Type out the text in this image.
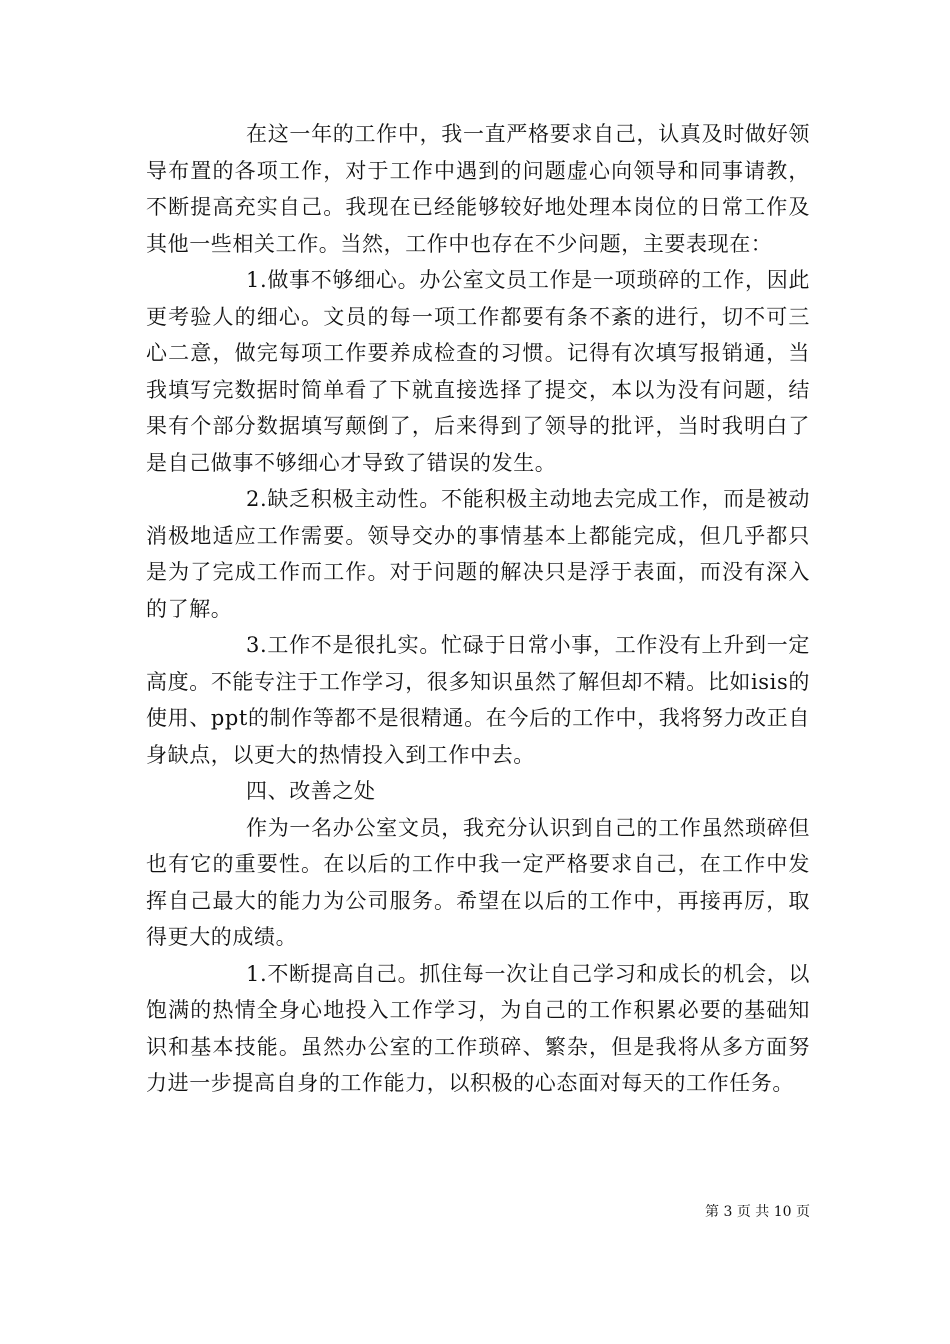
在这一年的工作中，我一直严格要求自己，认真及时做好领导布置的各项工作，对于工作中遇到的问题虚心向领导和同事请教，不断提高充实自己。我现在已经能够较好地处理本岗位的日常工作及其他一些相关工作。当然，工作中也存在不少问题，主要表现在：

1.做事不够细心。办公室文员工作是一项琐碎的工作，因此更考验人的细心。文员的每一项工作都要有条不紊的进行，切不可三心二意，做完每项工作要养成检查的习惯。记得有次填写报销通，当我填写完数据时简单看了下就直接选择了提交，本以为没有问题，结果有个部分数据填写颠倒了，后来得到了领导的批评，当时我明白了是自己做事不够细心才导致了错误的发生。

2.缺乏积极主动性。不能积极主动地去完成工作，而是被动消极地适应工作需要。领导交办的事情基本上都能完成，但几乎都只是为了完成工作而工作。对于问题的解决只是浮于表面，而没有深入的了解。

3.工作不是很扎实。忙碌于日常小事，工作没有上升到一定高度。不能专注于工作学习，很多知识虽然了解但却不精。比如isis的使用、ppt的制作等都不是很精通。在今后的工作中，我将努力改正自身缺点，以更大的热情投入到工作中去。

四、改善之处

作为一名办公室文员，我充分认识到自己的工作虽然琐碎但也有它的重要性。在以后的工作中我一定严格要求自己，在工作中发挥自己最大的能力为公司服务。希望在以后的工作中，再接再厉，取得更大的成绩。

1.不断提高自己。抓住每一次让自己学习和成长的机会，以饱满的热情全身心地投入工作学习，为自己的工作积累必要的基础知识和基本技能。虽然办公室的工作琐碎、繁杂，但是我将从多方面努力进一步提高自身的工作能力，以积极的心态面对每天的工作任务。

第 3 页 共 10 页
